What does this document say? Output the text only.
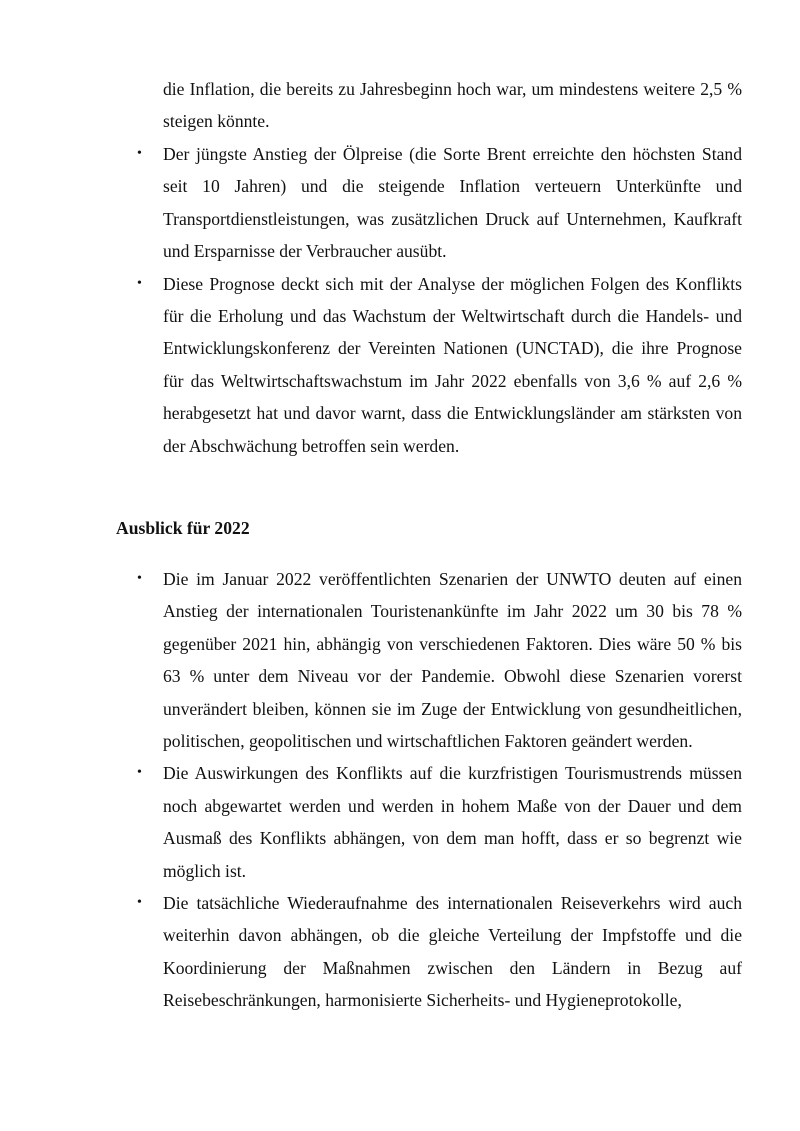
die Inflation, die bereits zu Jahresbeginn hoch war, um mindestens weitere 2,5 % steigen könnte.

• Der jüngste Anstieg der Ölpreise (die Sorte Brent erreichte den höchsten Stand seit 10 Jahren) und die steigende Inflation verteuern Unterkünfte und Transportdienstleistungen, was zusätzlichen Druck auf Unternehmen, Kaufkraft und Ersparnisse der Verbraucher ausübt.
• Diese Prognose deckt sich mit der Analyse der möglichen Folgen des Konflikts für die Erholung und das Wachstum der Weltwirtschaft durch die Handels- und Entwicklungskonferenz der Vereinten Nationen (UNCTAD), die ihre Prognose für das Weltwirtschaftswachstum im Jahr 2022 ebenfalls von 3,6 % auf 2,6 % herabgesetzt hat und davor warnt, dass die Entwicklungsländer am stärksten von der Abschwächung betroffen sein werden.
Ausblick für 2022
• Die im Januar 2022 veröffentlichten Szenarien der UNWTO deuten auf einen Anstieg der internationalen Touristenankünfte im Jahr 2022 um 30 bis 78 % gegenüber 2021 hin, abhängig von verschiedenen Faktoren. Dies wäre 50 % bis 63 % unter dem Niveau vor der Pandemie. Obwohl diese Szenarien vorerst unverändert bleiben, können sie im Zuge der Entwicklung von gesundheitlichen, politischen, geopolitischen und wirtschaftlichen Faktoren geändert werden.
• Die Auswirkungen des Konflikts auf die kurzfristigen Tourismustrends müssen noch abgewartet werden und werden in hohem Maße von der Dauer und dem Ausmaß des Konflikts abhängen, von dem man hofft, dass er so begrenzt wie möglich ist.
• Die tatsächliche Wiederaufnahme des internationalen Reiseverkehrs wird auch weiterhin davon abhängen, ob die gleiche Verteilung der Impfstoffe und die Koordinierung der Maßnahmen zwischen den Ländern in Bezug auf Reisebeschränkungen, harmonisierte Sicherheits- und Hygieneprotokolle,
